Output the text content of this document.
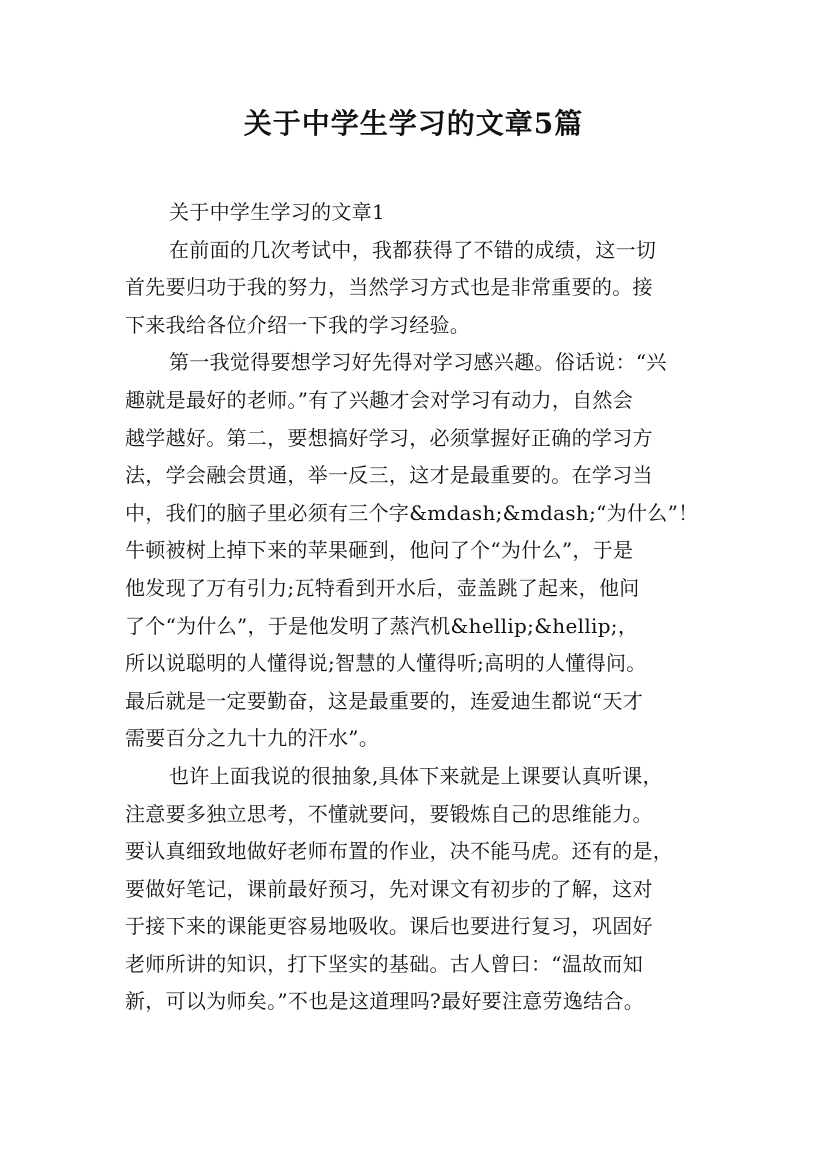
关于中学生学习的文章5篇
关于中学生学习的文章1
在前面的几次考试中，我都获得了不错的成绩，这一切
首先要归功于我的努力，当然学习方式也是非常重要的。接
下来我给各位介绍一下我的学习经验。
第一我觉得要想学习好先得对学习感兴趣。俗话说：“兴
趣就是最好的老师。”有了兴趣才会对学习有动力，自然会
越学越好。第二，要想搞好学习，必须掌握好正确的学习方
法，学会融会贯通，举一反三，这才是最重要的。在学习当
中，我们的脑子里必须有三个字&mdash;&mdash;“为什么”！
牛顿被树上掉下来的苹果砸到，他问了个“为什么”，于是
他发现了万有引力;瓦特看到开水后，壶盖跳了起来，他问
了个“为什么”，于是他发明了蒸汽机&hellip;&hellip;，
所以说聪明的人懂得说;智慧的人懂得听;高明的人懂得问。
最后就是一定要勤奋，这是最重要的，连爱迪生都说“天才
需要百分之九十九的汗水”。
也许上面我说的很抽象,具体下来就是上课要认真听课，
注意要多独立思考，不懂就要问，要锻炼自己的思维能力。
要认真细致地做好老师布置的作业，决不能马虎。还有的是，
要做好笔记，课前最好预习，先对课文有初步的了解，这对
于接下来的课能更容易地吸收。课后也要进行复习，巩固好
老师所讲的知识，打下坚实的基础。古人曾曰：“温故而知
新，可以为师矣。”不也是这道理吗?最好要注意劳逸结合。
